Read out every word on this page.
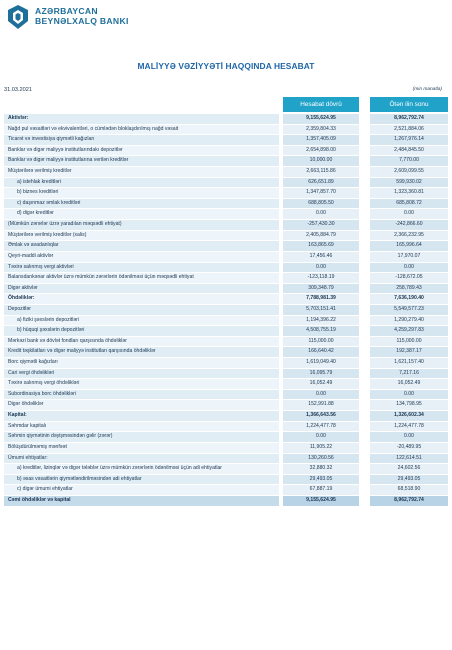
AZƏRBAYCAN
BEYNƏLXALQ BANKI
MALİYYƏ VƏZİYYƏTİ HAQQINDA HESABAT
31.03.2021	(min manatla)
Hesabat dövrü	Ötən ilin sonu
Aktivlər:		9,155,624.95		8,962,792.74
Nağd pul vəsaitləri və ekvivalentləri, o cümlədən bloklaşdırılmış nağd vəsait		2,359,804.33		2,521,884.06
Ticarət və investisiya qiymətli kağızları		1,357,405.09		1,267,976.14
Banklar və digər maliyyə institutlarındakı depozitlər		2,654,898.00		2,484,845.50
Banklar və digər maliyyə institutlarına verilən kreditlər		10,000.00		7,770.00
Müştərilərə verilmiş kreditlər		2,663,115.86		2,609,099.55
a) istehlak kreditləri		626,651.89		599,930.02
b) biznes kreditləri		1,347,857.70		1,323,360.81
c) daşınmaz əmlak kreditləri		688,805.50		685,808.72
d) digər kreditlər		0.00		0.00
(Mümkün zərərlər üzrə yaradılan məqsədli ehtiyat)		-257,430.30		-242,866.60
Müştərilərə verilmiş kreditlər (xalis)		2,405,884.79		2,366,232.95
Əmlak və avadanlıqlar		163,865.69		165,996.64
Qeyri-maddi aktivlər		17,456.46		17,970.07
Təxirə salınmış vergi aktivləri		0.00		0.00
Balansdankənar aktivlər üzrə mümkün zərərlərin ödənilməsi üçün məqsədli ehtiyat		-123,118.19		-128,672.05
Digər aktivlər		309,348.79		258,789.43
Öhdəliklər:		7,788,981.39		7,636,190.40
Depozitlər		5,703,151.41		5,549,577.23
a) fiziki şəxslərin depozitləri		1,194,396.22		1,290,279.40
b) hüquqi şəxslərin depozitləri		4,508,755.19		4,259,297.83
Mərkəzi bank və dövlət fondları qarşısında öhdəliklər		115,000.00		115,000.00
Kredit təşkilatları və digər maliyyə institutları qarşısında öhdəliklər		166,640.42		192,387.17
Borc qiymətli kağızları		1,619,049.40		1,621,157.40
Cari vergi öhdəlikləri		16,095.79		7,217.16
Təxirə salınmış vergi öhdəlikləri		16,052.49		16,052.49
Subordinasiya borc öhdəlikləri		0.00		0.00
Digər öhdəliklər		152,991.88		134,798.95
Kapital:		1,366,643.56		1,326,602.34
Səhmdar kapitalı		1,224,477.78		1,224,477.78
Səhmin qiymətinin dəyişməsindən gəlir (zərər)		0.00		0.00
Bölüşdürülməmiş mənfəət		11,905.22		-20,489.95
Ümumi ehtiyatlar:		130,260.56		122,614.51
a) kreditlər, lizinqlər və digər tələblər üzrə mümkün zərərlərin ödənilməsi üçün adi ehtiyatlar		32,880.32		24,602.56
b) əsas vəsaitlərin qiymətləndirilməsindən adi ehtiyatlar		29,493.05		29,493.05
c) digər ümumi ehtiyatlar		67,887.19		68,518.90
Cəmi öhdəliklər və kapital		9,155,624.95		8,962,792.74
